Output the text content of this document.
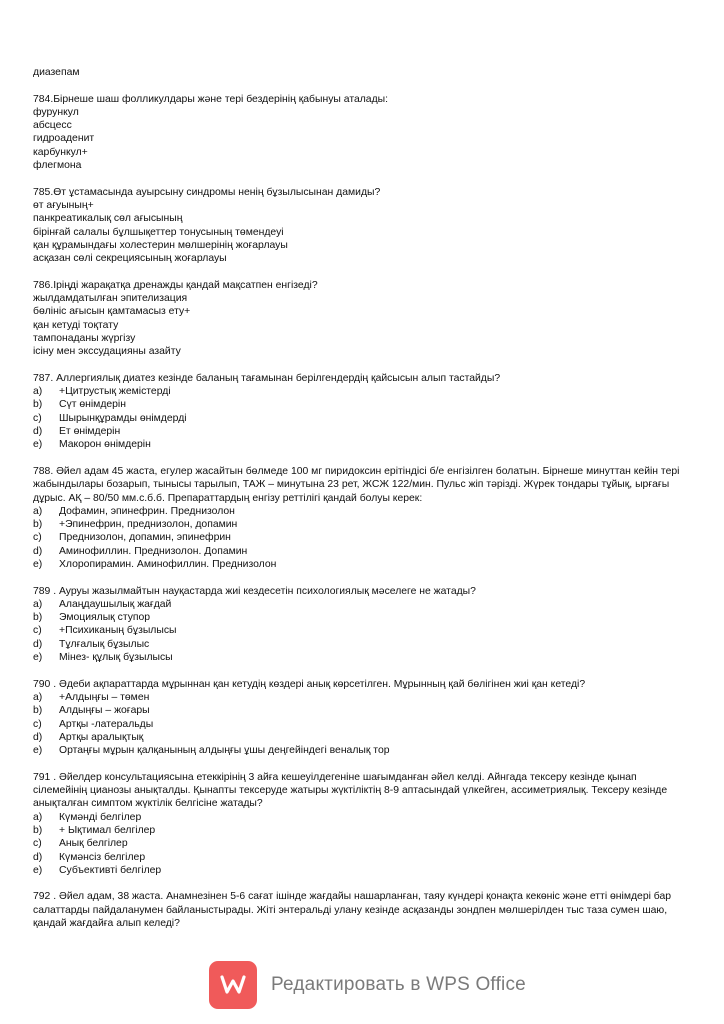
диазепам
784.Бірнеше шаш фолликулдары және тері бездерінің қабынуы аталады:
фурункул
абсцесс
гидроаденит
карбункул+
флегмона
785.Өт ұстамасында ауырсыну синдромы ненің бұзылысынан дамиды?
өт ағуының+
панкреатикалық сөл ағысының
бірінғай салалы бұлшықеттер тонусының төмендеуі
қан құрамындағы холестерин мөлшерінің жоғарлауы
асқазан сөлі секрециясының жоғарлауы
786.Іріңді жарақатқа дренажды қандай мақсатпен енгізеді?
жылдамдатылған эпителизация
бөлініс ағысын қамтамасыз ету+
қан кетуді тоқтату
тампонаданы жүргізу
ісіну мен экссудацияны азайту
787. Аллергиялық диатез кезінде баланың тағамынан берілгендердің қайсысын алып тастайды?
a)	+Цитрустық жемістерді
b)	Сүт өнімдерін
c)	Шырынқұрамды өнімдерді
d)	Ет өнімдерін
e)	Макорон өнімдерін
788. Әйел адам 45 жаста, егулер жасайтын бөлмеде 100 мг пиридоксин ерітіндісі б/е енгізілген болатын. Бірнеше минуттан кейін тері жабындылары бозарып, тынысы тарылып, ТАЖ – минутына 23 рет, ЖСЖ 122/мин. Пульс жіп тәрізді. Жүрек тондары тұйық, ырғағы дұрыс. АҚ – 80/50 мм.с.б.б. Препараттардың енгізу реттілігі қандай болуы керек:
a)	Дофамин, эпинефрин. Преднизолон
b)	+Эпинефрин, преднизолон, допамин
c)	Преднизолон, допамин, эпинефрин
d)	Аминофиллин. Преднизолон. Допамин
e)	Хлоропирамин. Аминофиллин. Преднизолон
789 . Ауруы жазылмайтын науқастарда жиі кездесетін психологиялық мәселеге не жатады?
a)	Алаңдаушылық жағдай
b)	Эмоциялық ступор
c)	+Психиканың бұзылысы
d)	Тұлғалық бұзылыс
e)	Мінез- құлық бұзылысы
790 . Әдеби ақпараттарда мұрыннан қан кетудің көздері анық көрсетілген. Мұрынның қай бөлігінен жиі қан кетеді?
a)	+Алдыңғы – төмен
b)	Алдыңғы – жоғары
c)	Артқы -латеральды
d)	Артқы аралықтық
e)	Ортаңғы мұрын қалқанының алдыңғы ұшы деңгейіндегі веналық тор
791 . Әйелдер консультациясына етеккірінің 3 айға кешеуілдегеніне шағымданған әйел келді. Айнгада тексеру кезінде қынап сілемейінің цианозы анықталды. Қынапты тексеруде жатыры жүктіліктің 8-9 аптасындай үлкейген, ассиметриялық. Тексеру кезінде анықталған симптом жүктілік белгісіне жатады?
a)	Күмәнді белгілер
b)	+ Ықтимал белгілер
c)	Анық белгілер
d)	Күмәнсіз белгілер
e)	Субъективті белгілер
792 . Әйел адам, 38 жаста. Анамнезінен 5-6 сағат ішінде жағдайы нашарланған, таяу күндері қонақта кекөніс және етті өнімдері бар салаттарды пайдаланумен байланыстырады. Жіті энтеральді улану кезінде асқазанды зондпен мөлшерілден тыс таза сумен шаю, қандай жағдайға алып келеді?
Редактировать в WPS Office
